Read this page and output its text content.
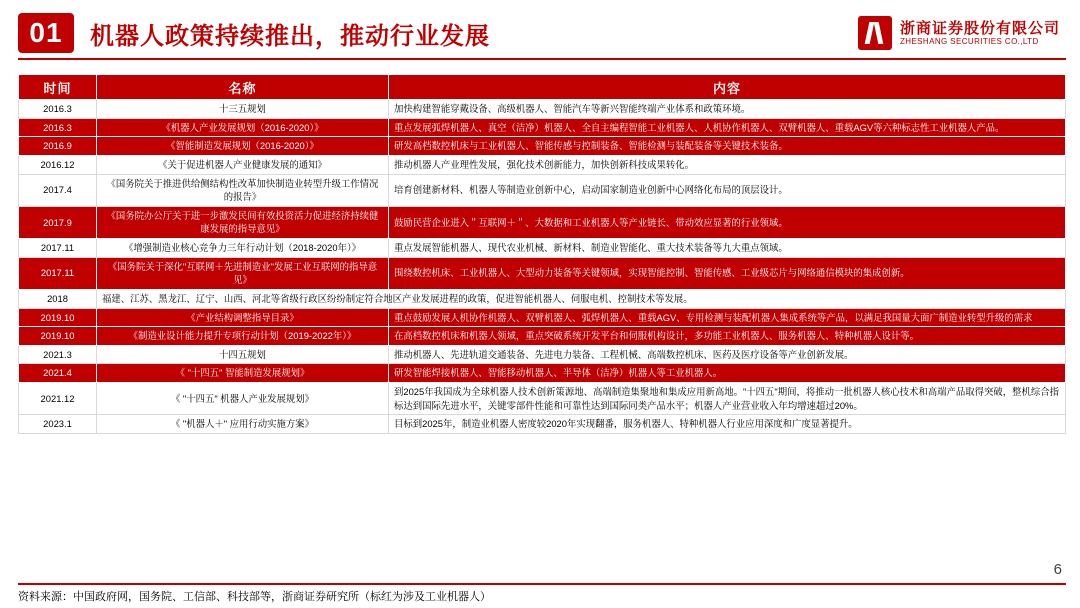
01	机器人政策持续推出，推动行业发展	浙商证券股份有限公司
ZHESHANG SECURITIES CO.,LTD
时间	名称	内容
2016.3	十三五规划	加快构建智能穿戴设备、高级机器人、智能汽车等新兴智能终端产业体系和政策环境。
2016.3	《机器人产业发展规划（2016-2020）》	重点发展弧焊机器人、真空（洁净）机器人、全自主编程智能工业机器人、人机协作机器人、双臂机器人、重载AGV等六种标志性工业机器人产品。
2016.9	《智能制造发展规划（2016-2020）》	研发高档数控机床与工业机器人、智能传感与控制装备、智能检测与装配装备等关键技术装备。
2016.12	《关于促进机器人产业健康发展的通知》	推动机器人产业理性发展，强化技术创新能力，加快创新科技成果转化。
2017.4	《国务院关于推进供给侧结构性改革加快制造业转型升级工作情况的报告》	培育创建新材料、机器人等制造业创新中心，启动国家制造业创新中心网络化布局的顶层设计。
2017.9	《国务院办公厅关于进一步激发民间有效投资活力促进经济持续健康发展的指导意见》	鼓励民营企业进入＂互联网＋＂、大数据和工业机器人等产业链长、带动效应显著的行业领域。
2017.11	《增强制造业核心竞争力三年行动计划（2018-2020年）》	重点发展智能机器人、现代农业机械、新材料、制造业智能化、重大技术装备等九大重点领域。
2017.11	《国务院关于深化"互联网＋先进制造业"发展工业互联网的指导意见》	围绕数控机床、工业机器人、大型动力装备等关键领域，实现智能控制、智能传感、工业级芯片与网络通信模块的集成创新。
2018	福建、江苏、黑龙江、辽宁、山西、河北等省级行政区纷纷制定符合地区产业发展进程的政策，促进智能机器人、伺服电机、控制技术等发展。	
2019.10	《产业结构调整指导目录》	重点鼓励发展人机协作机器人、双臂机器人、弧焊机器人、重载AGV、专用检测与装配机器人集成系统等产品，以满足我国量大面广制造业转型升级的需求
2019.10	《制造业设计能力提升专项行动计划（2019-2022年）》	在高档数控机床和机器人领域，重点突破系统开发平台和伺服机构设计，多功能工业机器人、服务机器人、特种机器人设计等。
2021.3	十四五规划	推动机器人、先进轨道交通装备、先进电力装备、工程机械、高端数控机床、医药及医疗设备等产业创新发展。
2021.4	《 "十四五" 智能制造发展规划》	研发智能焊接机器人、智能移动机器人、半导体（洁净）机器人等工业机器人。
2021.12	《 "十四五" 机器人产业发展规划》	到2025年我国成为全球机器人技术创新策源地、高端制造集聚地和集成应用新高地。"十四五"期间，将推动一批机器人核心技术和高端产品取得突破，整机综合指标达到国际先进水平，关键零部件性能和可靠性达到国际同类产品水平；机器人产业营业收入年均增速超过20%。
2023.1	《 "机器人＋" 应用行动实施方案》	目标到2025年，制造业机器人密度较2020年实现翻番，服务机器人、特种机器人行业应用深度和广度显著提升。
6
资料来源：中国政府网，国务院、工信部、科技部等，浙商证券研究所（标红为涉及工业机器人）
